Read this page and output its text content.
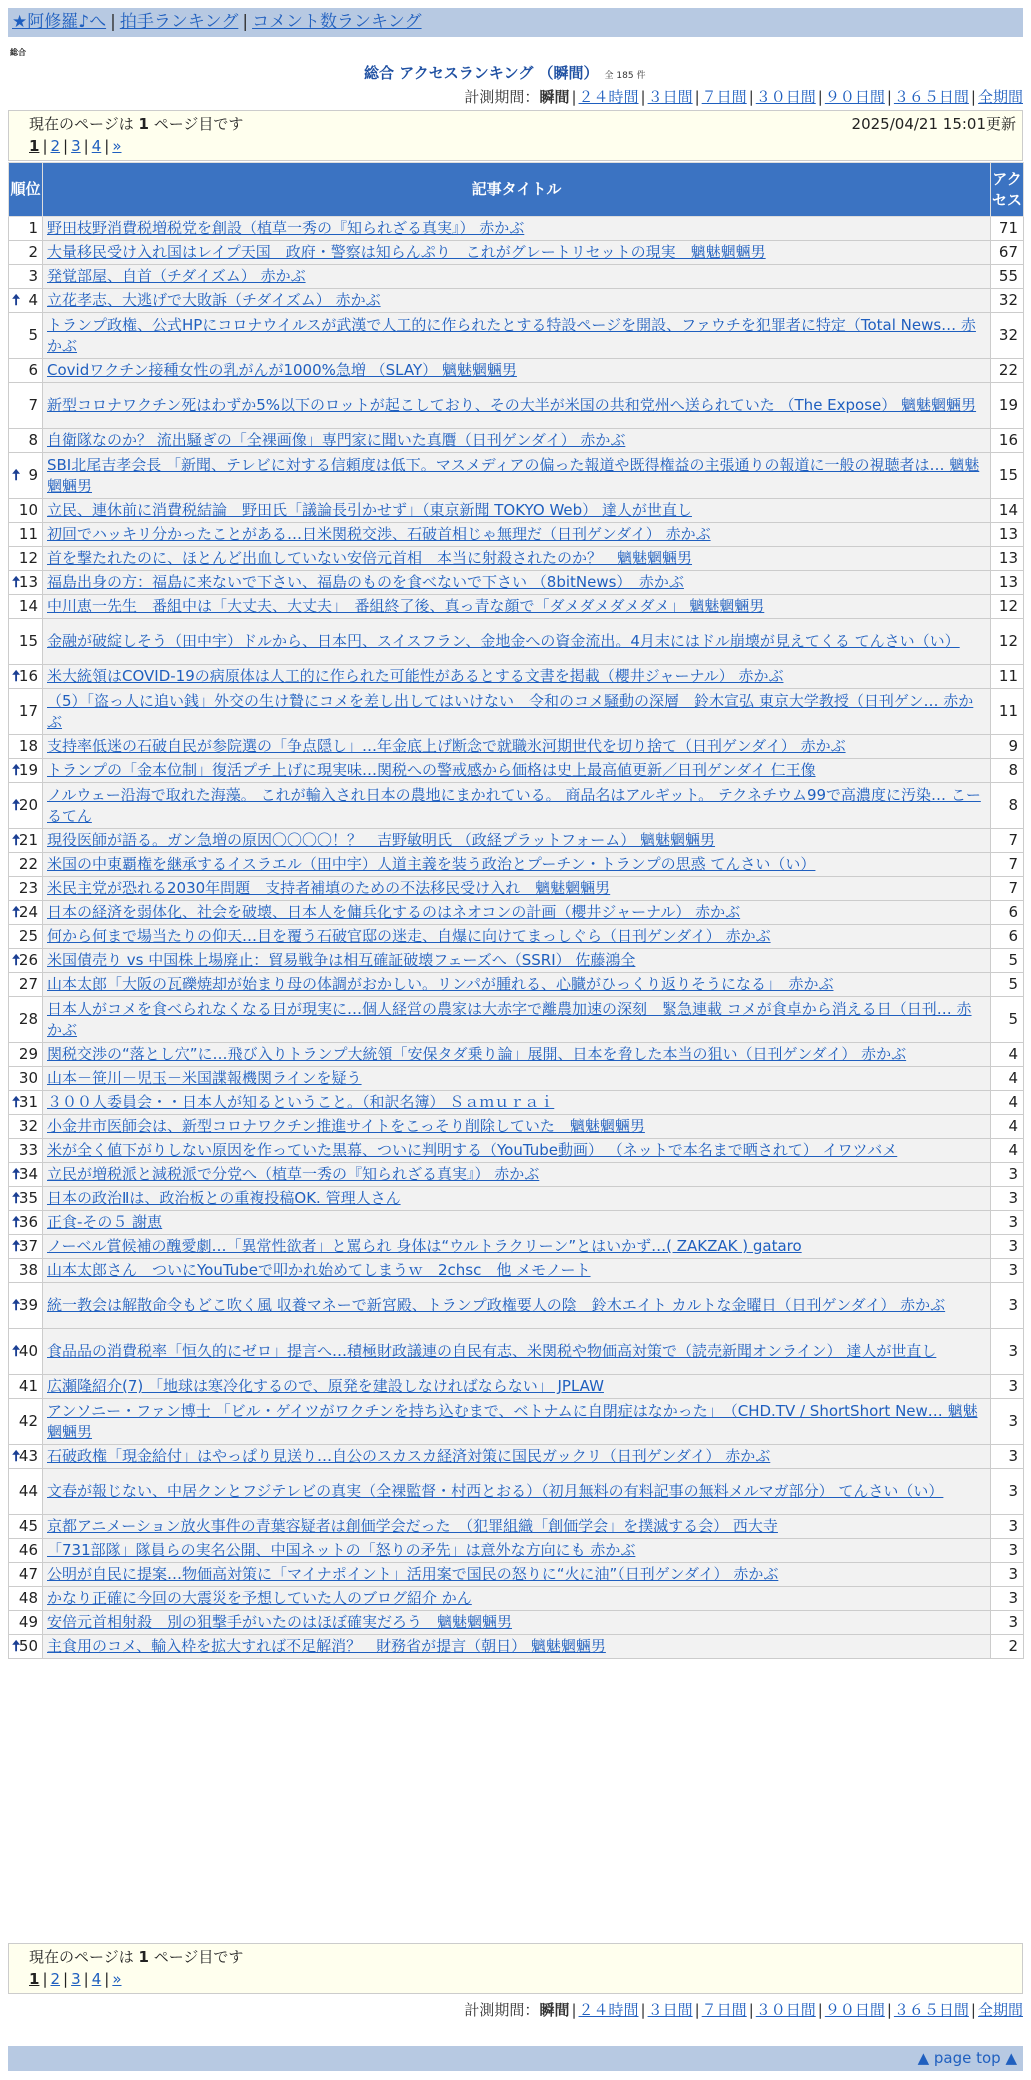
★阿修羅♪へ | 拍手ランキング | コメント数ランキング
総合
総合 アクセスランキング （瞬間） 全 185 件
計測期間：瞬間 | ２４時間 | ３日間 | ７日間 | ３０日間 | ９０日間 | ３６５日間 | 全期間
現在のページは 1 ページ目です	2025/04/21 15:01更新
1 | 2 | 3 | 4 | »
順位	記事タイトル	アクセス
1	野田枝野消費税増税党を創設（植草一秀の『知られざる真実』） 赤かぶ	71
2	大量移民受け入れ国はレイプ天国　政府・警察は知らんぷり　これがグレートリセットの現実　魑魅魍魎男	67
3	発覚部屋、自首（チダイズム） 赤かぶ	55

🠅 4	立花孝志、大逃げで大敗訴（チダイズム） 赤かぶ	32
5	トランプ政権、公式HPにコロナウイルスが武漢で人工的に作られたとする特設ページを開設、ファウチを犯罪者に特定（Total News… 赤かぶ	32
6	Covidワクチン接種女性の乳がんが1000%急増 （SLAY） 魑魅魍魎男	22
7	新型コロナワクチン死はわずか5%以下のロットが起こしており、その大半が米国の共和党州へ送られていた （The Expose） 魑魅魍魎男	19
8	自衛隊なのか？ 流出騒ぎの「全裸画像」専門家に聞いた真贋（日刊ゲンダイ） 赤かぶ	16

🠅 9	SBI北尾吉孝会長 「新聞、テレビに対する信頼度は低下。マスメディアの偏った報道や既得権益の主張通りの報道に一般の視聴者は… 魑魅魍魎男	15
10	立民、連休前に消費税結論　野田氏「議論長引かせず」（東京新聞 TOKYO Web） 達人が世直し	14
11	初回でハッキリ分かったことがある…日米関税交渉、石破首相じゃ無理だ（日刊ゲンダイ） 赤かぶ	13
12	首を撃たれたのに、ほとんど出血していない安倍元首相　本当に射殺されたのか？　魑魅魍魎男	13

🠅
13	福島出身の方：福島に来ないで下さい、福島のものを食べないで下さい （8bitNews）　赤かぶ	13
14	中川恵一先生　番組中は「大丈夫、大丈夫」　番組終了後、真っ青な顔で「ダメダメダメダメ」 魑魅魍魎男	12
15	金融が破綻しそう（田中宇）ドルから、日本円、スイスフラン、金地金への資金流出。4月末にはドル崩壊が見えてくる てんさい（い）	12

🠅
16	米大統領はCOVID-19の病原体は人工的に作られた可能性があるとする文書を掲載（櫻井ジャーナル） 赤かぶ	11
17	（5）「盗っ人に追い銭」外交の生け贄にコメを差し出してはいけない　令和のコメ騒動の深層　鈴木宣弘 東京大学教授（日刊ゲン… 赤かぶ	11
18	支持率低迷の石破自民が参院選の「争点隠し」…年金底上げ断念で就職氷河期世代を切り捨て（日刊ゲンダイ） 赤かぶ	9

🠅
19	トランプの「金本位制」復活プチ上げに現実味…関税への警戒感から価格は史上最高値更新／日刊ゲンダイ 仁王像	8

🠅
20	ノルウェー沿海で取れた海藻。 これが輸入され日本の農地にまかれている。 商品名はアルギット。 テクネチウム99で高濃度に汚染… こーるてん	8

🠅
21	現役医師が語る。ガン急増の原因〇〇〇〇！？　吉野敏明氏 （政経プラットフォーム） 魑魅魍魎男	7
22	米国の中東覇権を継承するイスラエル（田中宇）人道主義を装う政治とプーチン・トランプの思惑 てんさい（い）	7
23	米民主党が恐れる2030年問題　支持者補填のための不法移民受け入れ　魑魅魍魎男	7

🠅
24	日本の経済を弱体化、社会を破壊、日本人を傭兵化するのはネオコンの計画（櫻井ジャーナル） 赤かぶ	6
25	何から何まで場当たりの仰天…目を覆う石破官邸の迷走、自爆に向けてまっしぐら（日刊ゲンダイ） 赤かぶ	6

🠅
26	米国債売り vs 中国株上場廃止：貿易戦争は相互確証破壊フェーズへ（SSRI） 佐藤鴻全	5
27	山本太郎「大阪の瓦礫焼却が始まり母の体調がおかしい。リンパが腫れる、心臓がひっくり返りそうになる」　赤かぶ	5
28	日本人がコメを食べられなくなる日が現実に…個人経営の農家は大赤字で離農加速の深刻　緊急連載 コメが食卓から消える日（日刊… 赤かぶ	5
29	関税交渉の“落とし穴”に…飛び入りトランプ大統領「安保タダ乗り論」展開、日本を脅した本当の狙い（日刊ゲンダイ） 赤かぶ	4
30	山本－笹川－児玉－米国諜報機関ラインを疑う	4

🠅
31	３００人委員会・・日本人が知るということ。（和訳名簿） Ｓａｍｕｒａｉ	4
32	小金井市医師会は、新型コロナワクチン推進サイトをこっそり削除していた　魑魅魍魎男	4
33	米が全く値下がりしない原因を作っていた黒幕、ついに判明する（YouTube動画） （ネットで本名まで晒されて） イワツバメ	4

🠅
34	立民が増税派と減税派で分党へ（植草一秀の『知られざる真実』） 赤かぶ	3

🠅
35	日本の政治Ⅱは、政治板との重複投稿OK. 管理人さん	3

🠅
36	正食-その５ 謝恵	3

🠅
37	ノーベル賞候補の醜愛劇…「異常性欲者」と罵られ 身体は“ウルトラクリーン”とはいかず…( ZAKZAK ) gataro	3
38	山本太郎さん　ついにYouTubeで叩かれ始めてしまうｗ　2chsc　他 メモノート	3

🠅
39	統一教会は解散命令もどこ吹く風 収養マネーで新宮殿、トランプ政権要人の陰　鈴木エイト カルトな金曜日（日刊ゲンダイ） 赤かぶ	3

🠅
40	食品品の消費税率「恒久的にゼロ」提言へ…積極財政議連の自民有志、米関税や物価高対策で（読売新聞オンライン） 達人が世直し	3
41	広瀬隆紹介(7) 「地球は寒冷化するので、原発を建設しなければならない」 JPLAW	3
42	アンソニー・ファン博士 「ビル・ゲイツがワクチンを持ち込むまで、ベトナムに自閉症はなかった」　（CHD.TV / ShortShort New… 魑魅魍魎男	3

🠅
43	石破政権「現金給付」はやっぱり見送り…自公のスカスカ経済対策に国民ガックリ（日刊ゲンダイ） 赤かぶ	3
44	文春が報じない、中居クンとフジテレビの真実（全裸監督・村西とおる）（初月無料の有料記事の無料メルマガ部分） てんさい（い）	3
45	京都アニメーション放火事件の青葉容疑者は創価学会だった　（犯罪組織「創価学会」を撲滅する会） 西大寺	3
46	「731部隊」隊員らの実名公開、中国ネットの「怒りの矛先」は意外な方向にも 赤かぶ	3
47	公明が自民に提案…物価高対策に「マイナポイント」活用案で国民の怒りに“火に油”（日刊ゲンダイ） 赤かぶ	3
48	かなり正確に今回の大震災を予想していた人のブログ紹介 かん	3
49	安倍元首相射殺　別の狙撃手がいたのはほぼ確実だろう　魑魅魍魎男	3

🠅
50	主食用のコメ、輸入枠を拡大すれば不足解消？　財務省が提言（朝日） 魑魅魍魎男	2
現在のページは 1 ページ目です
1 | 2 | 3 | 4 | »
計測期間：瞬間 | ２４時間 | ３日間 | ７日間 | ３０日間 | ９０日間 | ３６５日間 | 全期間
▲ page top ▲
